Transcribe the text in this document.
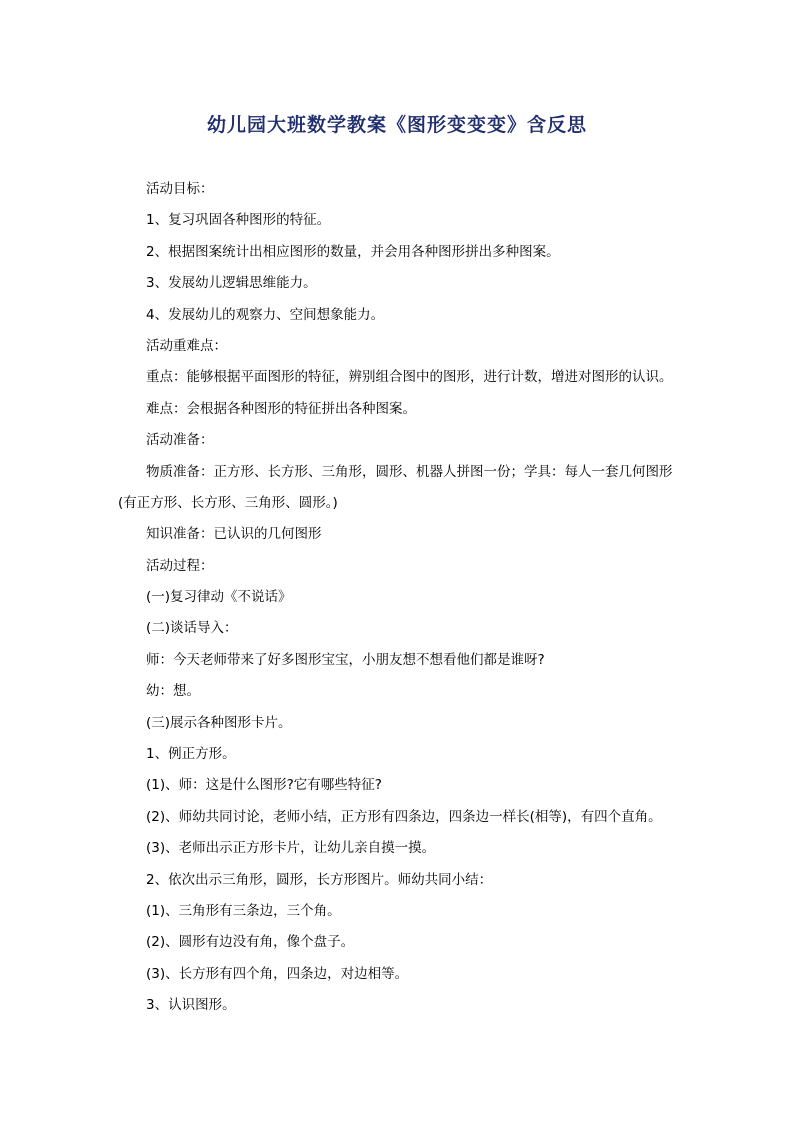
幼儿园大班数学教案《图形变变变》含反思

活动目标：

1、复习巩固各种图形的特征。

2、根据图案统计出相应图形的数量，并会用各种图形拼出多种图案。

3、发展幼儿逻辑思维能力。

4、发展幼儿的观察力、空间想象能力。

活动重难点：

重点：能够根据平面图形的特征，辨别组合图中的图形，进行计数，增进对图形的认识。

难点：会根据各种图形的特征拼出各种图案。

活动准备：

物质准备：正方形、长方形、三角形，圆形、机器人拼图一份；学具：每人一套几何图形

(有正方形、长方形、三角形、圆形。)

知识准备：已认识的几何图形

活动过程：

(一)复习律动《不说话》

(二)谈话导入：

师：今天老师带来了好多图形宝宝，小朋友想不想看他们都是谁呀?

幼：想。

(三)展示各种图形卡片。

1、例正方形。

(1)、师：这是什么图形?它有哪些特征?

(2)、师幼共同讨论，老师小结，正方形有四条边，四条边一样长(相等)，有四个直角。

(3)、老师出示正方形卡片，让幼儿亲自摸一摸。

2、依次出示三角形，圆形，长方形图片。师幼共同小结：

(1)、三角形有三条边，三个角。

(2)、圆形有边没有角，像个盘子。

(3)、长方形有四个角，四条边，对边相等。

3、认识图形。
